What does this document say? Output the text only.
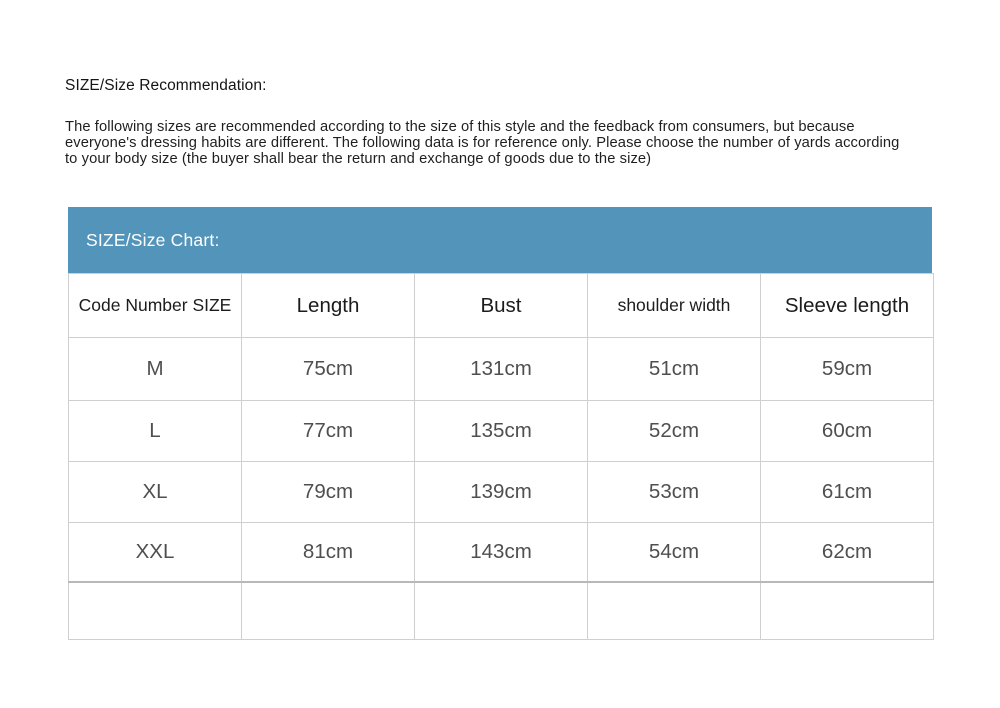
SIZE/Size Recommendation:
The following sizes are recommended according to the size of this style and the feedback from consumers, but because everyone's dressing habits are different. The following data is for reference only. Please choose the number of yards according to your body size (the buyer shall bear the return and exchange of goods due to the size)
SIZE/Size Chart:
Code Number SIZE	Length	Bust	shoulder width	Sleeve length
M	75cm	131cm	51cm	59cm
L	77cm	135cm	52cm	60cm
XL	79cm	139cm	53cm	61cm
XXL	81cm	143cm	54cm	62cm
